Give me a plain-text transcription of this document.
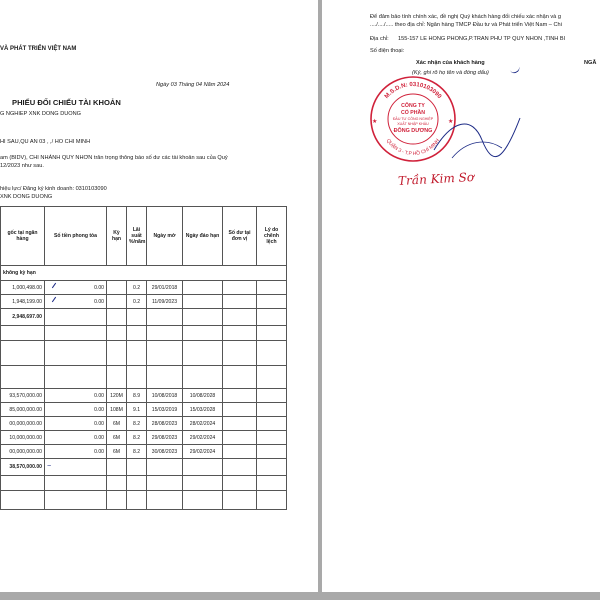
VÀ PHÁT TRIỂN VIỆT NAM
Ngày 03 Tháng 04 Năm 2024
PHIẾU ĐỐI CHIẾU TÀI KHOẢN
G NGHIEP XNK DONG DUONG
HI SAU,QU AN 03 , ,/ HO CHI MINH
am (BIDV), CHI NHÁNH QUY NHƠN trân trọng thông báo số dư các tài khoản sau của Quý
12/2023 như sau.
hiệu lực/ Đăng ký kinh doanh: 0310103090
XNK DONG DUONG
gốc tại ngân hàng	Số tiền phong tỏa	Kỳ hạn	Lãi suất %/năm	Ngày mở	Ngày đáo hạn	Số dư tại đơn vị	Lý do chênh lệch
không kỳ hạn							
1,000,498.00	0.00		0.2	29/01/2018			
1,948,199.00	0.00		0.2	11/09/2023			
2,948,697.00							

93,570,000.00	0.00	120M	8.9	10/08/2018	10/08/2028		
85,000,000.00	0.00	108M	9.1	15/03/2019	15/03/2028		
00,000,000.00	0.00	6M	8.2	28/08/2023	28/02/2024		
10,000,000.00	0.00	6M	8.2	29/08/2023	29/02/2024		
00,000,000.00	0.00	6M	8.2	30/08/2023	29/02/2024		
38,570,000.00	~						

Để đảm bảo tính chính xác, đề nghị Quý khách hàng đối chiếu xác nhận và g
..../..../..... theo địa chỉ: Ngân hàng TMCP Đầu tư và Phát triển Việt Nam – Chi
Địa chỉ: 155-157 LE HONG PHONG,P.TRAN PHU TP QUY NHON ,TINH BI
Số điện thoại:
Xác nhận của khách hàng	NGÂ
(Ký, ghi rõ họ tên và đóng dấu)
M.S.D.N: 0310103090
QUẬN 3 - T.P HỒ CHÍ MINH
CÔNG TY
CỔ PHẦN
ĐẦU TƯ CÔNG NGHIỆP
XUẤT NHẬP KHẨU
ĐÔNG DƯƠNG
★	★
Trần Kim Sơ
